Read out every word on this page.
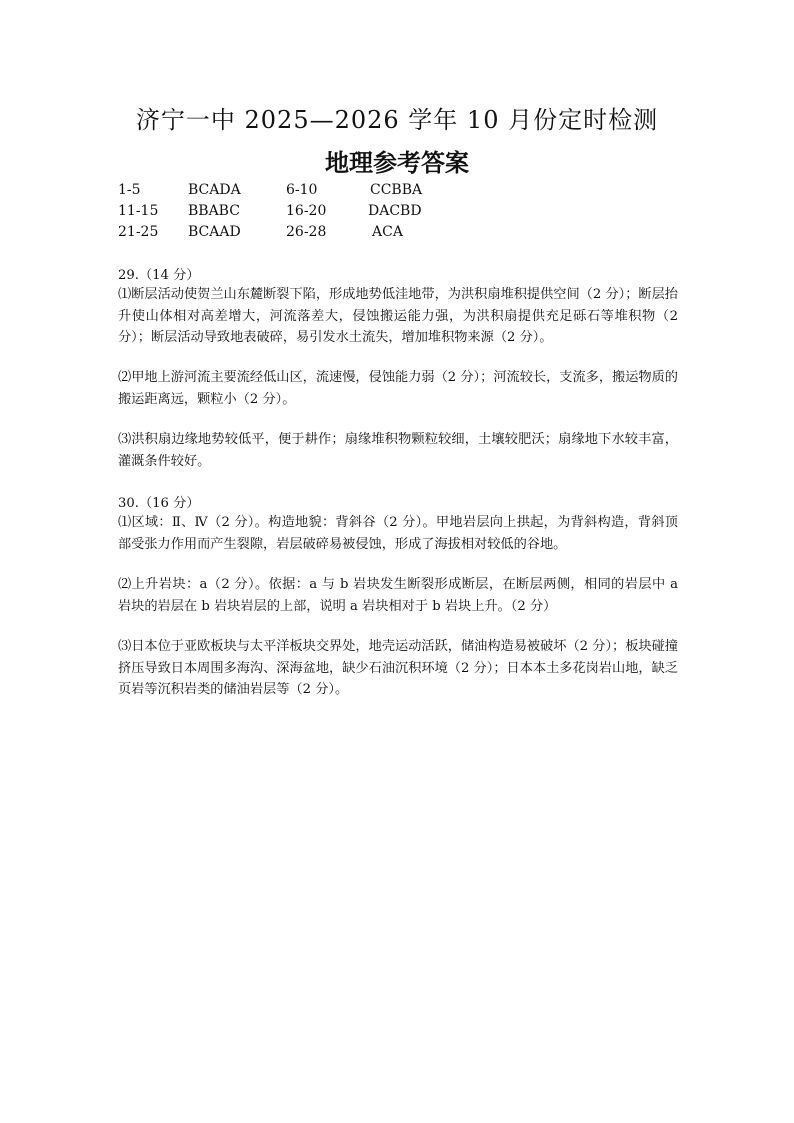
济宁一中 2025—2026 学年 10 月份定时检测
地理参考答案
1-5	BCADA	6-10	CCBBA
11-15 BBABC	16-20	DACBD
21-25 BCAAD	26-28	ACA
29.（14 分）
⑴断层活动使贺兰山东麓断裂下陷，形成地势低洼地带，为洪积扇堆积提供空间（2 分）；断层抬升使山体相对高差增大，河流落差大，侵蚀搬运能力强，为洪积扇提供充足砾石等堆积物（2 分）；断层活动导致地表破碎，易引发水土流失，增加堆积物来源（2 分）。
⑵甲地上游河流主要流经低山区，流速慢，侵蚀能力弱（2 分）；河流较长，支流多，搬运物质的搬运距离远，颗粒小（2 分）。
⑶洪积扇边缘地势较低平，便于耕作；扇缘堆积物颗粒较细，土壤较肥沃；扇缘地下水较丰富，灌溉条件较好。
30.（16 分）
⑴区域：Ⅱ、Ⅳ（2 分）。构造地貌：背斜谷（2 分）。甲地岩层向上拱起，为背斜构造，背斜顶部受张力作用而产生裂隙，岩层破碎易被侵蚀，形成了海拔相对较低的谷地。
⑵上升岩块：a（2 分）。依据：a 与 b 岩块发生断裂形成断层，在断层两侧，相同的岩层中 a 岩块的岩层在 b 岩块岩层的上部，说明 a 岩块相对于 b 岩块上升。（2 分）
⑶日本位于亚欧板块与太平洋板块交界处，地壳运动活跃，储油构造易被破坏（2 分）；板块碰撞挤压导致日本周围多海沟、深海盆地，缺少石油沉积环境（2 分）；日本本土多花岗岩山地，缺乏页岩等沉积岩类的储油岩层等（2 分）。
